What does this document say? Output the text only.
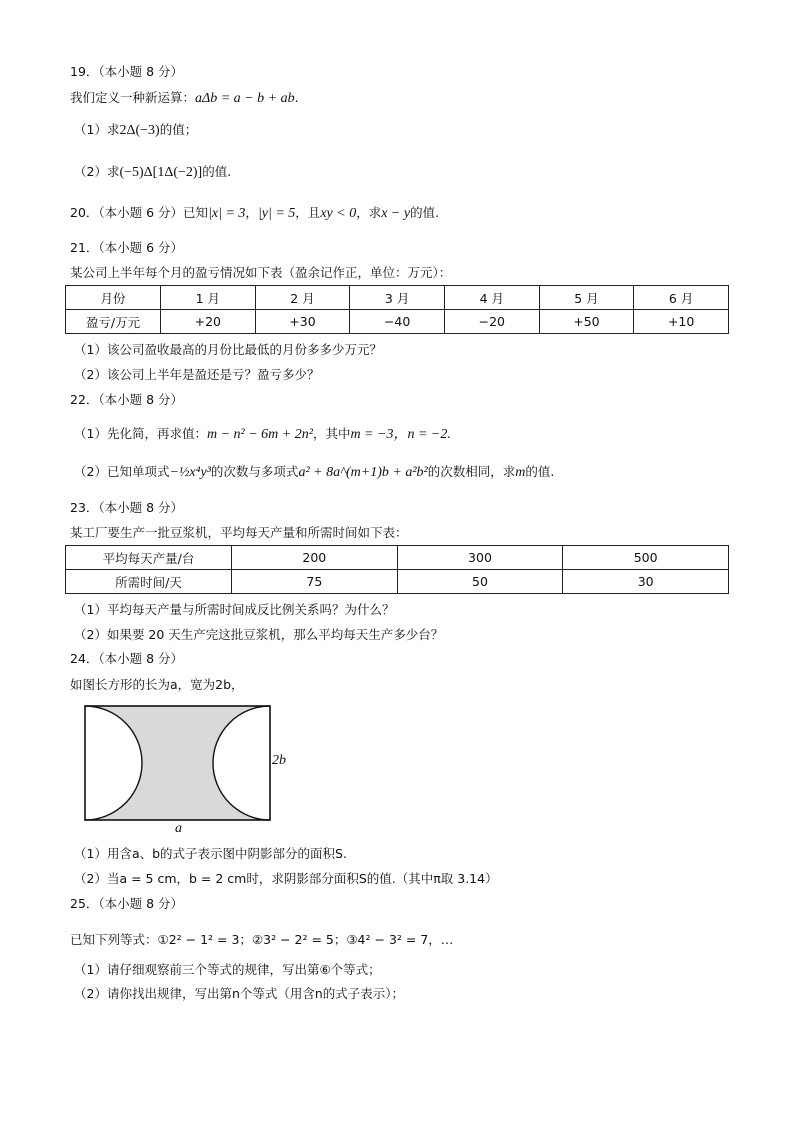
19．（本小题 8 分）
我们定义一种新运算：aΔb = a − b + ab.
（1）求2Δ(−3)的值；
（2）求(−5)Δ[1Δ(−2)]的值.
20．（本小题 6 分）已知|x| = 3，|y| = 5，且xy < 0，求x − y的值.
21．（本小题 6 分）
某公司上半年每个月的盈亏情况如下表（盈余记作正，单位：万元）：
月份	1 月	2 月	3 月	4 月	5 月	6 月
盈亏/万元	+20	+30	−40	−20	+50	+10
（1）该公司盈收最高的月份比最低的月份多多少万元？
（2）该公司上半年是盈还是亏？盈亏多少？
22．（本小题 8 分）
（1）先化简，再求值：m − n² − 6m + 2n²，其中m = −3，n = −2.
（2）已知单项式−½x⁴y³的次数与多项式a² + 8a^(m+1)b + a²b²的次数相同，求m的值.
23．（本小题 8 分）
某工厂要生产一批豆浆机，平均每天产量和所需时间如下表：
平均每天产量/台	200	300	500
所需时间/天	75	50	30
（1）平均每天产量与所需时间成反比例关系吗？为什么？
（2）如果要 20 天生产完这批豆浆机，那么平均每天生产多少台？
24．（本小题 8 分）
如图长方形的长为a，宽为2b，
2b
a
（1）用含a、b的式子表示图中阴影部分的面积S.
（2）当a = 5 cm，b = 2 cm时，求阴影部分面积S的值.（其中π取 3.14）
25．（本小题 8 分）
已知下列等式：①2² − 1² = 3；②3² − 2² = 5；③4² − 3² = 7，…
（1）请仔细观察前三个等式的规律，写出第⑥个等式；
（2）请你找出规律，写出第n个等式（用含n的式子表示）；
